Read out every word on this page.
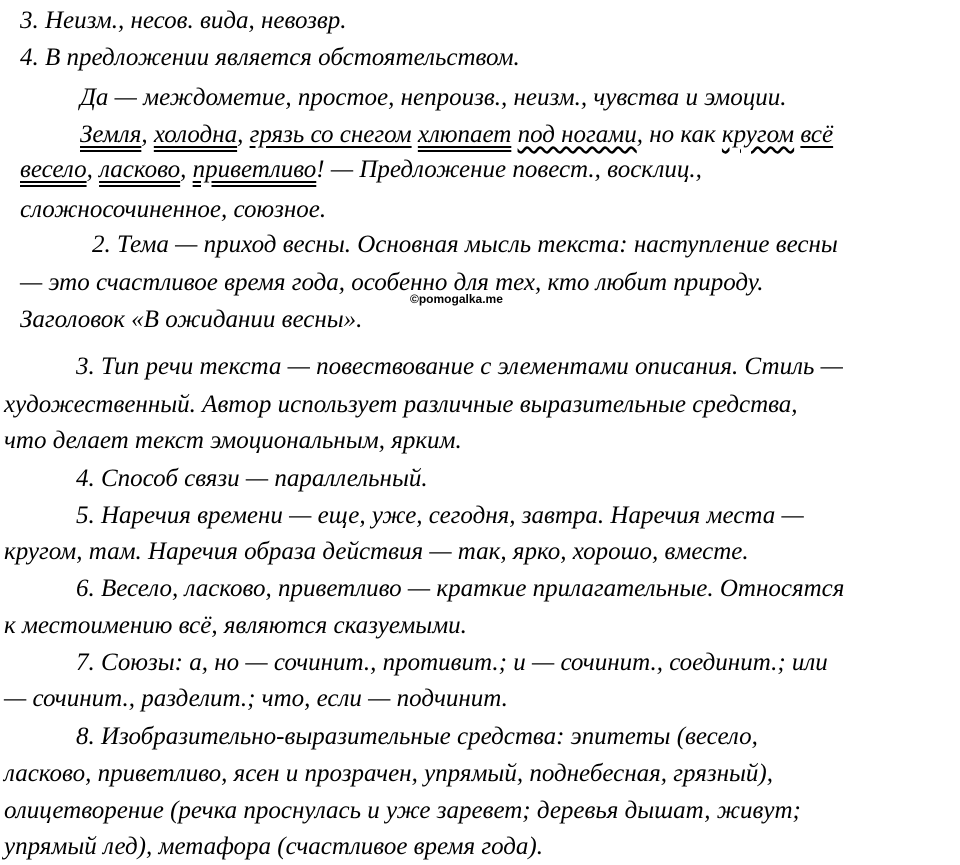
3. Неизм., несов. вида, невозвр.
4. В предложении является обстоятельством.
Да — междометие, простое, непроизв., неизм., чувства и эмоции.
Земля, холодна, грязь со снегом хлюпает под ногами, но как кругом всё
весело, ласково, приветливо! — Предложение повест., восклиц.,
сложносочиненное, союзное.
2. Тема — приход весны. Основная мысль текста: наступление весны
— это счастливое время года, особенно для тех, кто любит природу.
©pomogalka.me
Заголовок «В ожидании весны».
3. Тип речи текста — повествование с элементами описания. Стиль —
художественный. Автор использует различные выразительные средства,
что делает текст эмоциональным, ярким.
4. Способ связи — параллельный.
5. Наречия времени — еще, уже, сегодня, завтра. Наречия места —
кругом, там. Наречия образа действия — так, ярко, хорошо, вместе.
6. Весело, ласково, приветливо — краткие прилагательные. Относятся
к местоимению всё, являются сказуемыми.
7. Союзы: а, но — сочинит., противит.; и — сочинит., соединит.; или
— сочинит., разделит.; что, если — подчинит.
8. Изобразительно-выразительные средства: эпитеты (весело,
ласково, приветливо, ясен и прозрачен, упрямый, поднебесная, грязный),
олицетворение (речка проснулась и уже заревет; деревья дышат, живут;
упрямый лед), метафора (счастливое время года).
